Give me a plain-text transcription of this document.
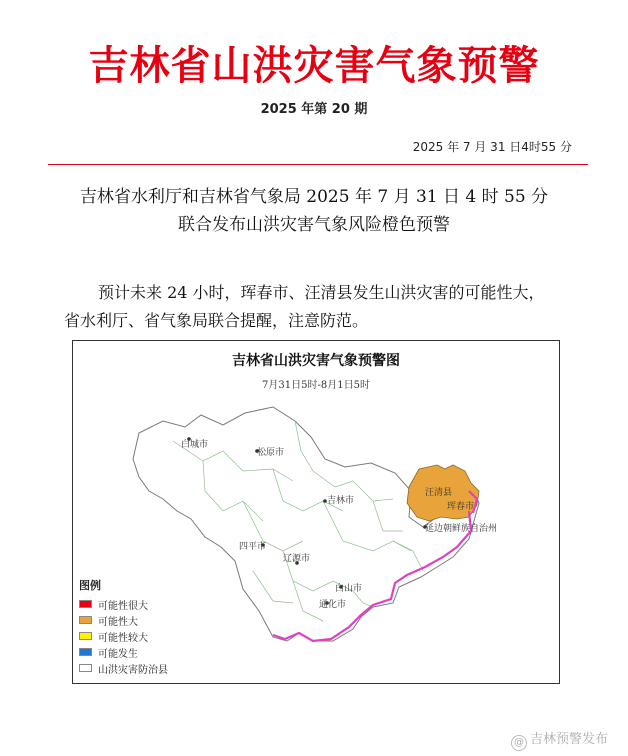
吉林省山洪灾害气象预警
2025 年第 20 期
2025 年 7 月 31 日4时55 分
吉林省水利厅和吉林省气象局 2025 年 7 月 31 日 4 时 55 分
联合发布山洪灾害气象风险橙色预警
预计未来 24 小时，珲春市、汪清县发生山洪灾害的可能性大，
省水利厅、省气象局联合提醒，注意防范。
吉林省山洪灾害气象预警图
7月31日5时-8月1日5时
白城市
松原市
吉林市
四平市
辽源市
白山市
通化市
延边朝鲜族自治州
汪清县
珲春市
图例
可能性很大
可能性大
可能性较大
可能发生
山洪灾害防治县
@ 吉林预警发布
